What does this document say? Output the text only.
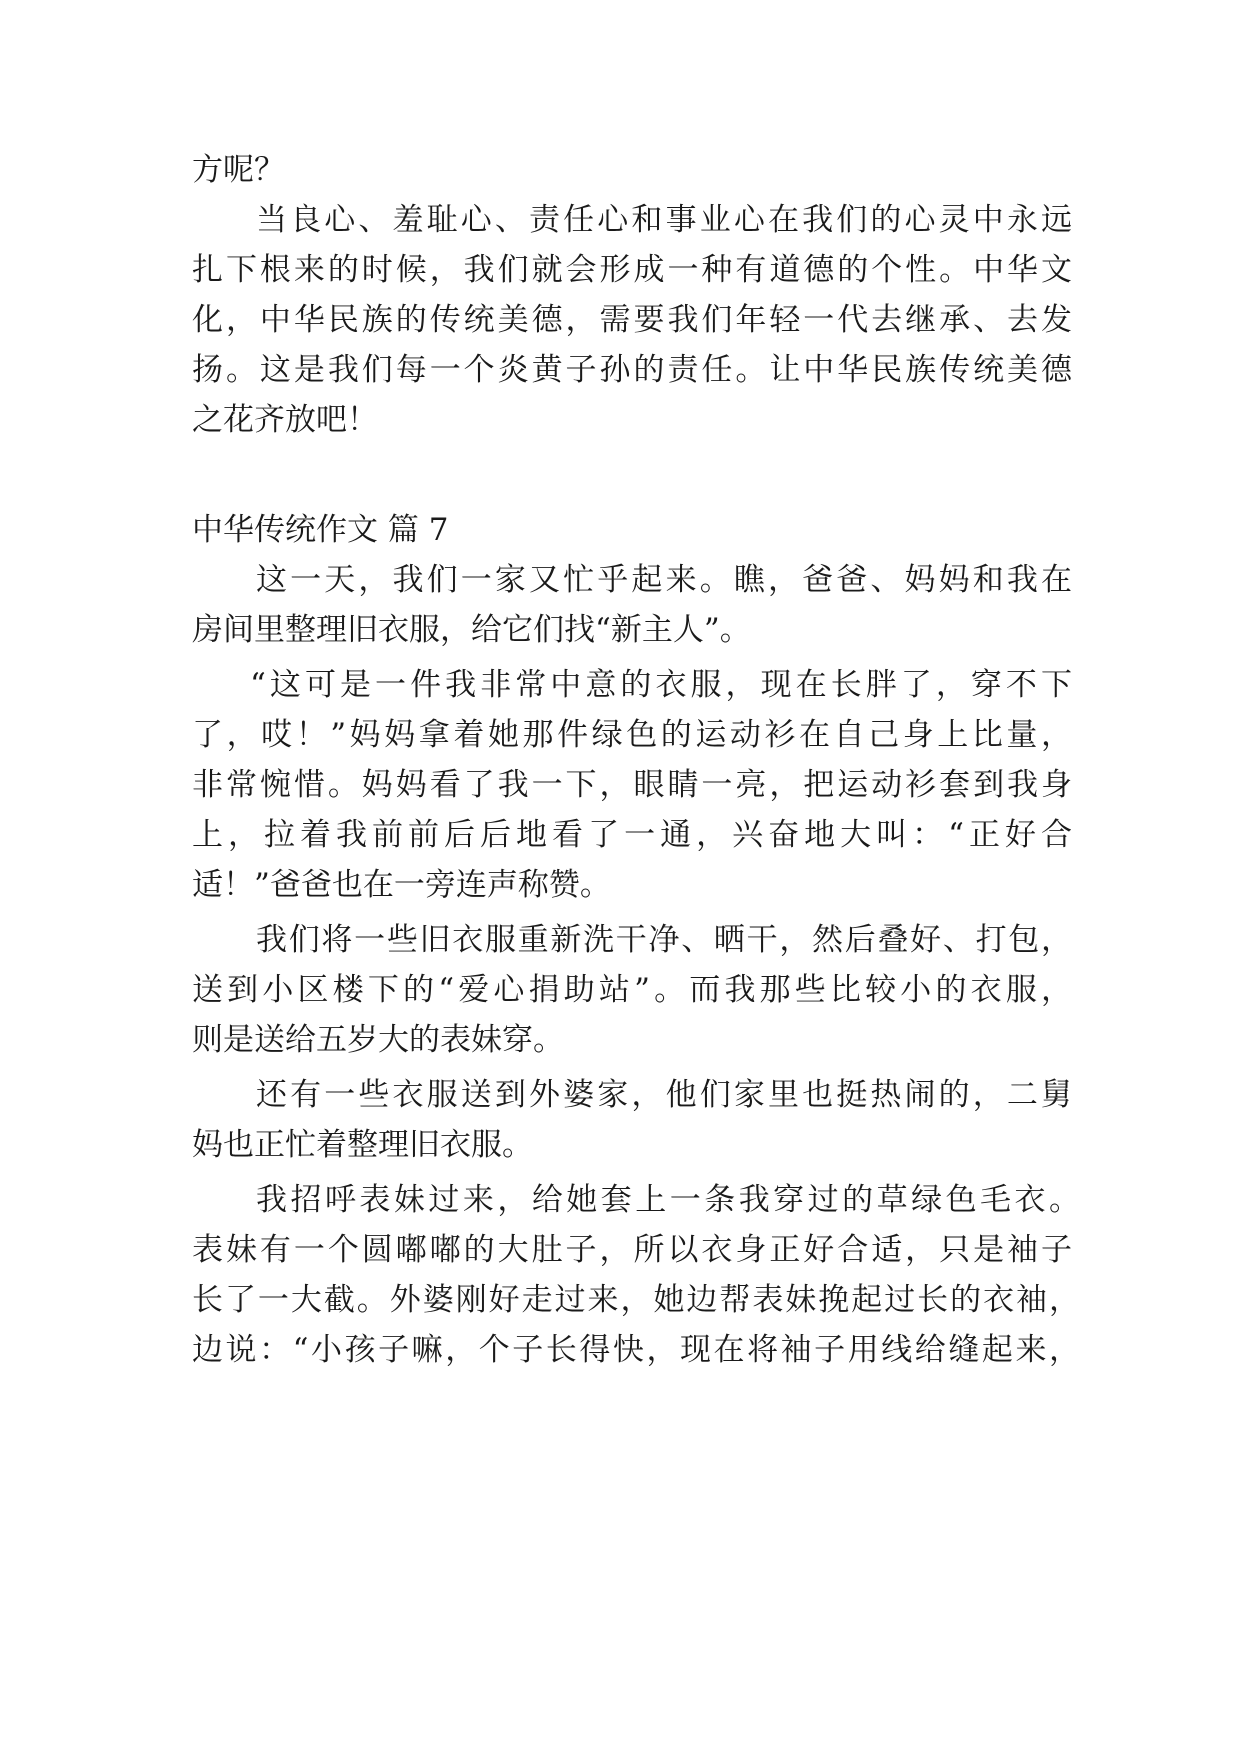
方呢？
当良心、羞耻心、责任心和事业心在我们的心灵中永远
扎下根来的时候，我们就会形成一种有道德的个性。中华文
化，中华民族的传统美德，需要我们年轻一代去继承、去发
扬。这是我们每一个炎黄子孙的责任。让中华民族传统美德
之花齐放吧！
中华传统作文 篇 7
这一天，我们一家又忙乎起来。瞧，爸爸、妈妈和我在
房间里整理旧衣服，给它们找“新主人”。
“这可是一件我非常中意的衣服，现在长胖了，穿不下
了，哎！”妈妈拿着她那件绿色的运动衫在自己身上比量，
非常惋惜。妈妈看了我一下，眼睛一亮，把运动衫套到我身
上，拉着我前前后后地看了一通，兴奋地大叫：“正好合
适！”爸爸也在一旁连声称赞。
我们将一些旧衣服重新洗干净、晒干，然后叠好、打包，
送到小区楼下的“爱心捐助站”。而我那些比较小的衣服，
则是送给五岁大的表妹穿。
还有一些衣服送到外婆家，他们家里也挺热闹的，二舅
妈也正忙着整理旧衣服。
我招呼表妹过来，给她套上一条我穿过的草绿色毛衣。
表妹有一个圆嘟嘟的大肚子，所以衣身正好合适，只是袖子
长了一大截。外婆刚好走过来，她边帮表妹挽起过长的衣袖，
边说：“小孩子嘛，个子长得快，现在将袖子用线给缝起来，
